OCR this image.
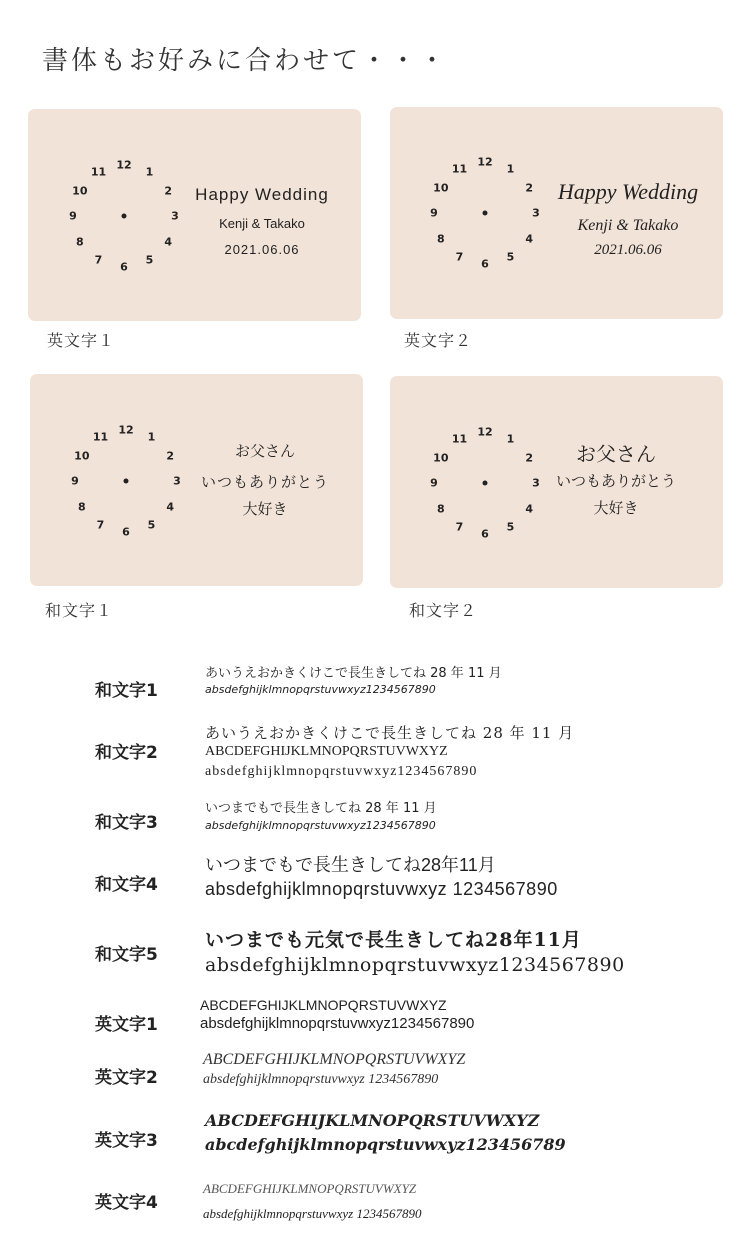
書体もお好みに合わせて・・・
Happy Wedding
Kenji & Takako
2021.06.06
1
2
3
4
5
6
7
8
9
10
11
12
英文字１
Happy Wedding
Kenji & Takako
2021.06.06
1
2
3
4
5
6
7
8
9
10
11
12
英文字２
お父さん
いつもありがとう
大好き
1
2
3
4
5
6
7
8
9
10
11
12
和文字１
お父さん
いつもありがとう
大好き
1
2
3
4
5
6
7
8
9
10
11
12
和文字２
和文字1
あいうえおかきくけこで長生きしてね 28 年 11 月
absdefghijklmnopqrstuvwxyz1234567890
和文字2
あいうえおかきくけこで長生きしてね 28 年 11 月
ABCDEFGHIJKLMNOPQRSTUVWXYZ
absdefghijklmnopqrstuvwxyz1234567890
和文字3
いつまでもで長生きしてね 28 年 11 月
absdefghijklmnopqrstuvwxyz1234567890
和文字4
いつまでもで長生きしてね28年11月
absdefghijklmnopqrstuvwxyz 1234567890
和文字5
いつまでも元気で長生きしてね28年11月
absdefghijklmnopqrstuvwxyz1234567890
英文字1
ABCDEFGHIJKLMNOPQRSTUVWXYZ
absdefghijklmnopqrstuvwxyz1234567890
英文字2
ABCDEFGHIJKLMNOPQRSTUVWXYZ
absdefghijklmnopqrstuvwxyz 1234567890
英文字3
ABCDEFGHIJKLMNOPQRSTUVWXYZ
abcdefghijklmnopqrstuvwxyz123456789
英文字4
ABCDEFGHIJKLMNOPQRSTUVWXYZ
absdefghijklmnopqrstuvwxyz 1234567890
